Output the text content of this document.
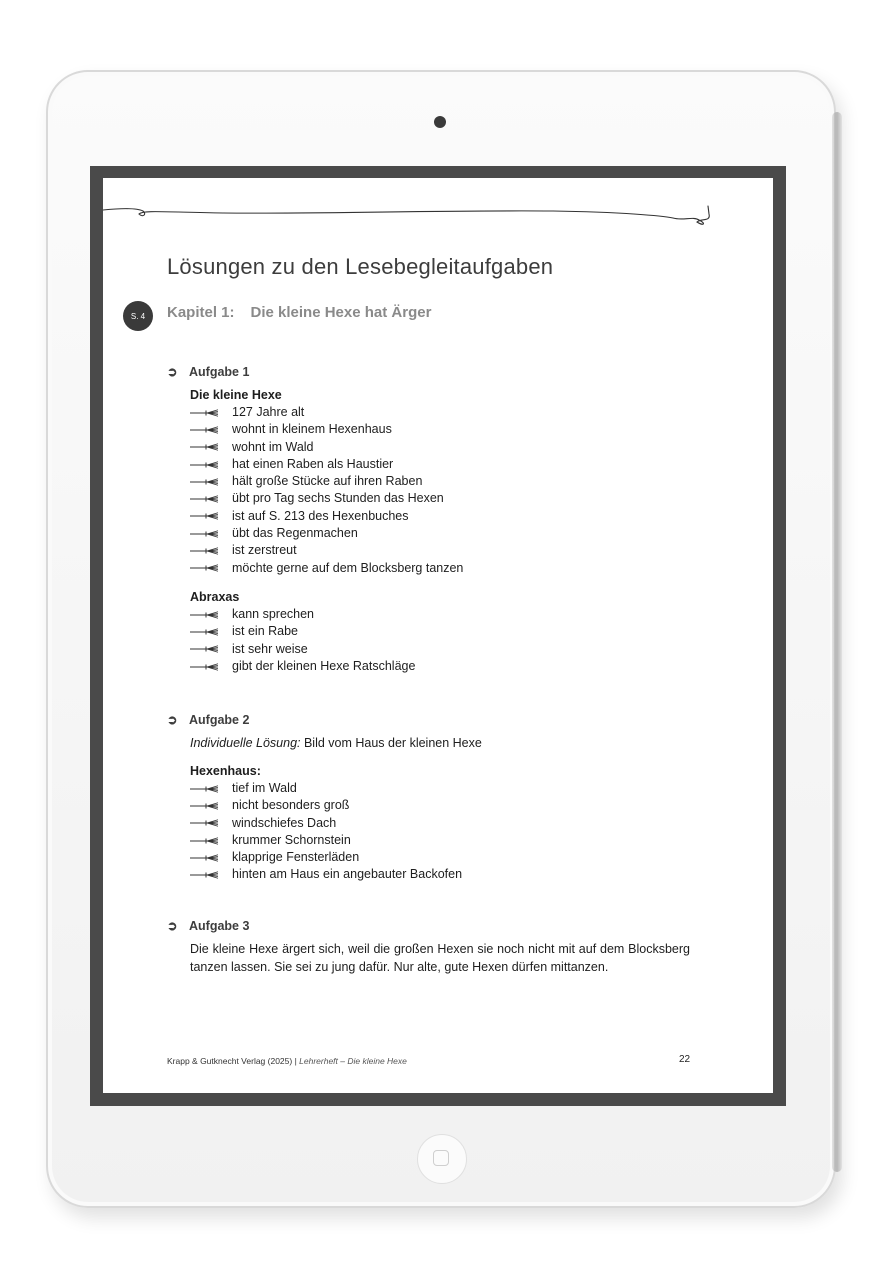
Lösungen zu den Lesebegleitaufgaben
S. 4	Kapitel 1: Die kleine Hexe hat Ärger
➲ Aufgabe 1
Die kleine Hexe
127 Jahre alt
wohnt in kleinem Hexenhaus
wohnt im Wald
hat einen Raben als Haustier
hält große Stücke auf ihren Raben
übt pro Tag sechs Stunden das Hexen
ist auf S. 213 des Hexenbuches
übt das Regenmachen
ist zerstreut
möchte gerne auf dem Blocksberg tanzen
Abraxas
kann sprechen
ist ein Rabe
ist sehr weise
gibt der kleinen Hexe Ratschläge
➲ Aufgabe 2
Individuelle Lösung: Bild vom Haus der kleinen Hexe
Hexenhaus:
tief im Wald
nicht besonders groß
windschiefes Dach
krummer Schornstein
klapprige Fensterläden
hinten am Haus ein angebauter Backofen
➲ Aufgabe 3
Die kleine Hexe ärgert sich, weil die großen Hexen sie noch nicht mit auf dem Blocksberg tanzen lassen. Sie sei zu jung dafür. Nur alte, gute Hexen dürfen mittanzen.
Krapp & Gutknecht Verlag (2025) | Lehrerheft – Die kleine Hexe	22
